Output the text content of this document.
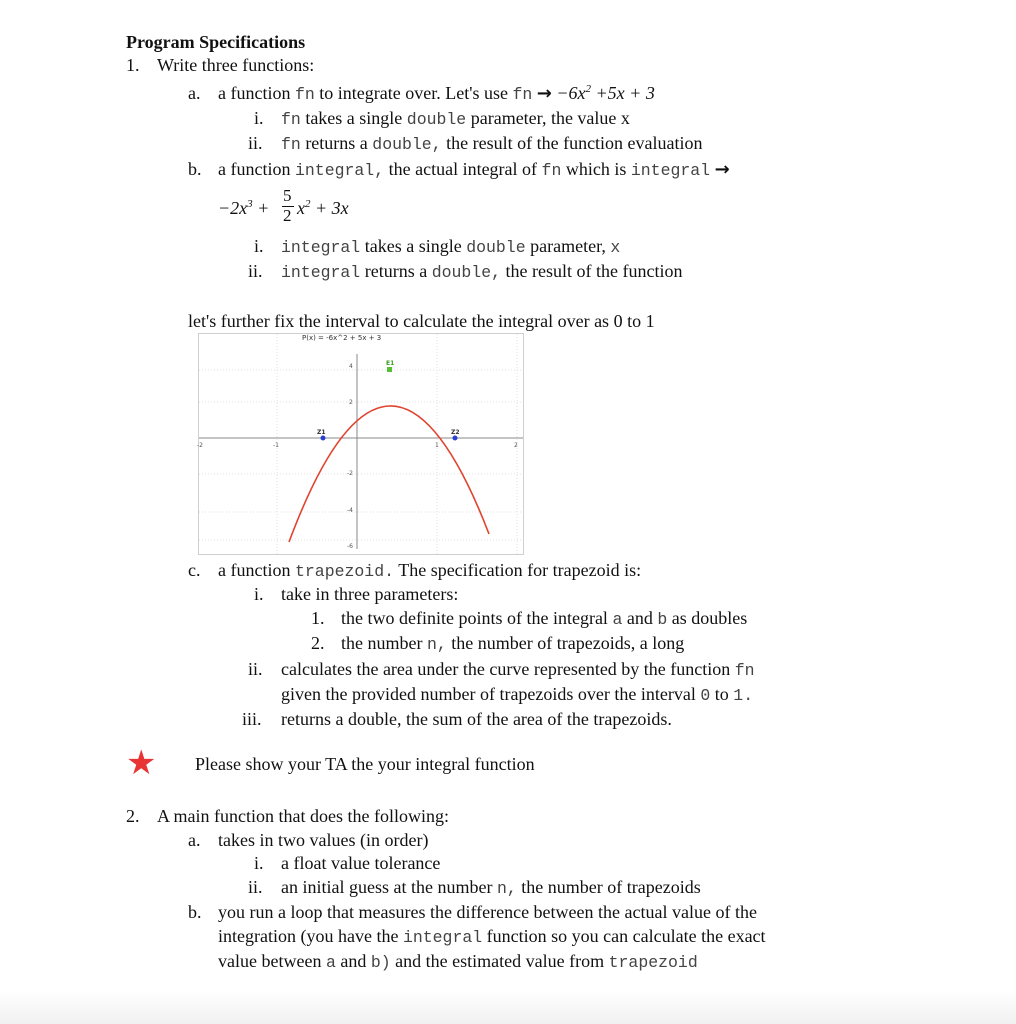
Program Specifications
1. Write three functions:
a. a function fn to integrate over. Let's use fn → $-6x^2 +5x + 3$
i. fn takes a single double parameter, the value x
ii. fn returns a double, the result of the function evaluation
b. a function integral, the actual integral of fn which is integral →
$-2x^3$ +
5
2 $x^2 + 3x$
i. integral takes a single double parameter, x
ii. integral returns a double, the result of the function
let's further fix the interval to calculate the integral over as 0 to 1
-2	-1	1	2
4
2
-2
-4
-6
Z1	Z2
E1
P(x) = -6x^2 + 5x + 3
c. a function trapezoid. The specification for trapezoid is:
i. take in three parameters:
1. the two definite points of the integral a and b as doubles
2. the number n, the number of trapezoids, a long
ii. calculates the area under the curve represented by the function fn
given the provided number of trapezoids over the interval 0 to 1.
iii. returns a double, the sum of the area of the trapezoids.
★ Please show your TA the your integral function
2. A main function that does the following:
a. takes in two values (in order)
i. a float value tolerance
ii. an initial guess at the number n, the number of trapezoids
b. you run a loop that measures the difference between the actual value of the
integration (you have the integral function so you can calculate the exact
value between a and b) and the estimated value from trapezoid
